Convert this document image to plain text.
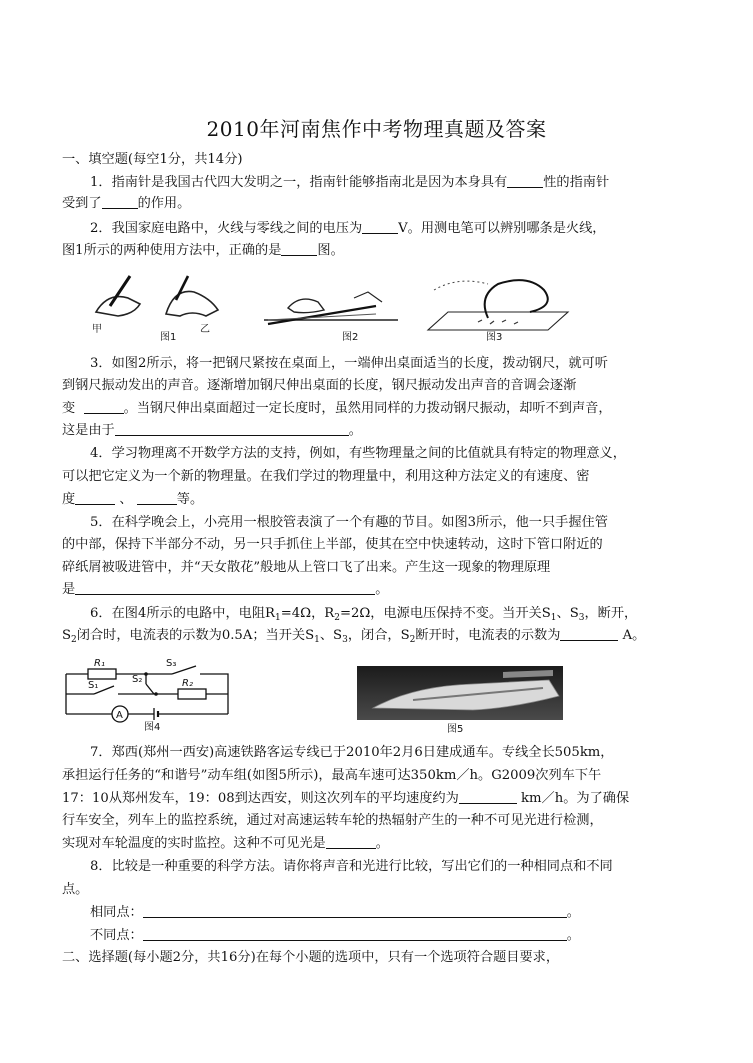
2010年河南焦作中考物理真题及答案
一、填空题(每空1分，共14分)
1．指南针是我国古代四大发明之一，指南针能够指南北是因为本身具有	性的指南针
受到了	的作用。
2．我国家庭电路中，火线与零线之间的电压为	V。用测电笔可以辨别哪条是火线，
图1所示的两种使用方法中，正确的是	图。
甲	乙
图1	图2	图3
3．如图2所示，将一把钢尺紧按在桌面上，一端伸出桌面适当的长度，拨动钢尺，就可听
到钢尺振动发出的声音。逐渐增加钢尺伸出桌面的长度，钢尺振动发出声音的音调会逐渐
变	。当钢尺伸出桌面超过一定长度时，虽然用同样的力拨动钢尺振动，却听不到声音，
这是由于	。
4．学习物理离不开数学方法的支持，例如，有些物理量之间的比值就具有特定的物理意义，
可以把它定义为一个新的物理量。在我们学过的物理量中，利用这种方法定义的有速度、密
度	、	等。
5．在科学晚会上，小亮用一根胶管表演了一个有趣的节目。如图3所示，他一只手握住管
的中部，保持下半部分不动，另一只手抓住上半部，使其在空中快速转动，这时下管口附近的
碎纸屑被吸进管中，并“天女散花”般地从上管口飞了出来。产生这一现象的物理原理
是	。
6．在图4所示的电路中，电阻$R_1=4\Omega$，$R_2=2\Omega$，电源电压保持不变。当开关$S_1$、$S_3$，断开，
$S_2$闭合时，电流表的示数为0.5A；当开关$S_1$、$S_3$，闭合，$S_2$断开时，电流表的示数为	A。
R₁
R₂
S₁
S₂
S₃
A
图4	图5
7．郑西(郑州一西安)高速铁路客运专线已于2010年2月6日建成通车。专线全长505km，
承担运行任务的“和谐号”动车组(如图5所示)，最高车速可达350km／h。G2009次列车下午
17：10从郑州发车，19：08到达西安，则这次列车的平均速度约为	km／h。为了确保
行车安全，列车上的监控系统，通过对高速运转车轮的热辐射产生的一种不可见光进行检测，
实现对车轮温度的实时监控。这种不可见光是	。
8．比较是一种重要的科学方法。请你将声音和光进行比较，写出它们的一种相同点和不同
点。
相同点：	。
不同点：	。
二、选择题(每小题2分，共16分)在每个小题的选项中，只有一个选项符合题目要求，
